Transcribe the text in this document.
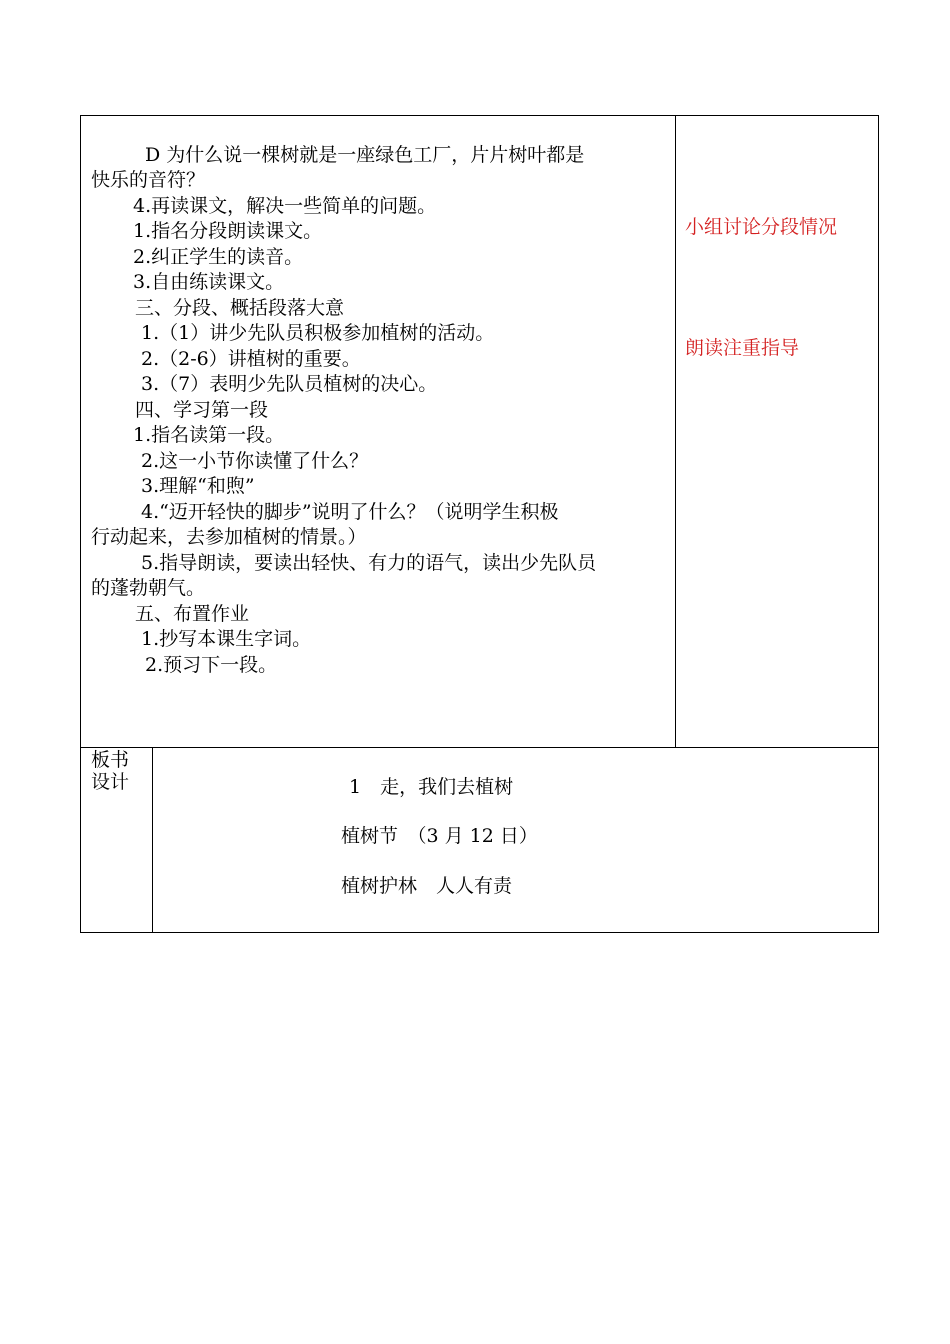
D 为什么说一棵树就是一座绿色工厂，片片树叶都是
快乐的音符？
4.再读课文，解决一些简单的问题。
1.指名分段朗读课文。
2.纠正学生的读音。
3.自由练读课文。
三、分段、概括段落大意
1.（1）讲少先队员积极参加植树的活动。
2.（2-6）讲植树的重要。
3.（7）表明少先队员植树的决心。
四、学习第一段
1.指名读第一段。
2.这一小节你读懂了什么？
3.理解“和煦”
4.“迈开轻快的脚步”说明了什么？（说明学生积极
行动起来，去参加植树的情景。）
5.指导朗读，要读出轻快、有力的语气，读出少先队员
的蓬勃朝气。
五、布置作业
1.抄写本课生字词。
2.预习下一段。
小组讨论分段情况
朗读注重指导
板书
设计	1　走，我们去植树
植树节　（3 月 12 日）
植树护林　人人有责
